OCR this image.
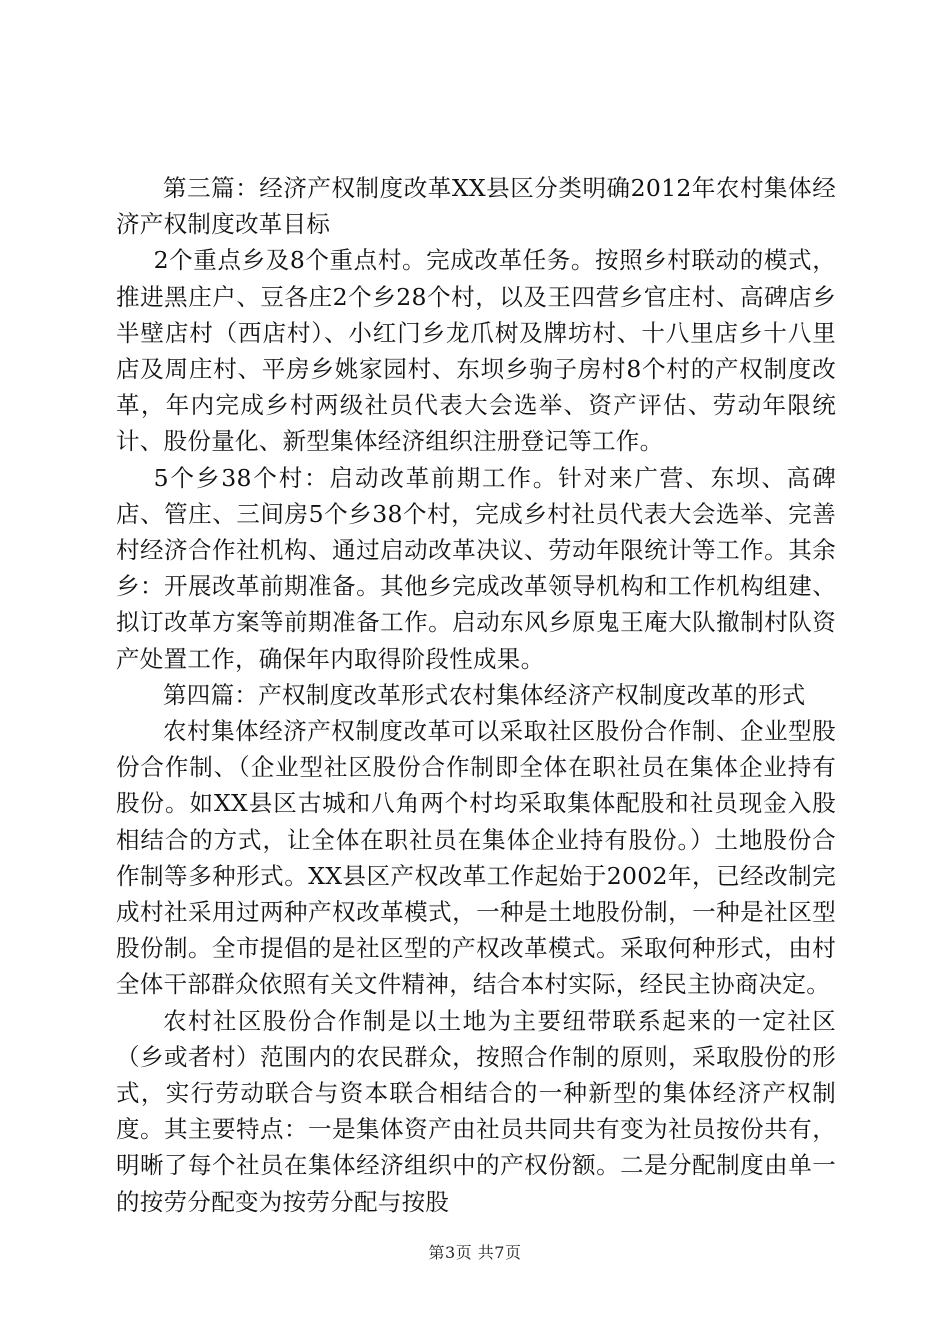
第三篇：经济产权制度改革XX县区分类明确2012年农村集体经济产权制度改革目标

2个重点乡及8个重点村。完成改革任务。按照乡村联动的模式，推进黑庄户、豆各庄2个乡28个村，以及王四营乡官庄村、高碑店乡半壁店村（西店村）、小红门乡龙爪树及牌坊村、十八里店乡十八里店及周庄村、平房乡姚家园村、东坝乡驹子房村8个村的产权制度改革，年内完成乡村两级社员代表大会选举、资产评估、劳动年限统计、股份量化、新型集体经济组织注册登记等工作。

5个乡38个村：启动改革前期工作。针对来广营、东坝、高碑店、管庄、三间房5个乡38个村，完成乡村社员代表大会选举、完善村经济合作社机构、通过启动改革决议、劳动年限统计等工作。其余乡：开展改革前期准备。其他乡完成改革领导机构和工作机构组建、拟订改革方案等前期准备工作。启动东风乡原鬼王庵大队撤制村队资产处置工作，确保年内取得阶段性成果。

第四篇：产权制度改革形式农村集体经济产权制度改革的形式

农村集体经济产权制度改革可以采取社区股份合作制、企业型股份合作制、（企业型社区股份合作制即全体在职社员在集体企业持有股份。如XX县区古城和八角两个村均采取集体配股和社员现金入股相结合的方式，让全体在职社员在集体企业持有股份。）土地股份合作制等多种形式。XX县区产权改革工作起始于2002年，已经改制完成村社采用过两种产权改革模式，一种是土地股份制，一种是社区型股份制。全市提倡的是社区型的产权改革模式。采取何种形式，由村全体干部群众依照有关文件精神，结合本村实际，经民主协商决定。

农村社区股份合作制是以土地为主要纽带联系起来的一定社区（乡或者村）范围内的农民群众，按照合作制的原则，采取股份的形式，实行劳动联合与资本联合相结合的一种新型的集体经济产权制度。其主要特点：一是集体资产由社员共同共有变为社员按份共有，明晰了每个社员在集体经济组织中的产权份额。二是分配制度由单一的按劳分配变为按劳分配与按股

第3页 共7页
